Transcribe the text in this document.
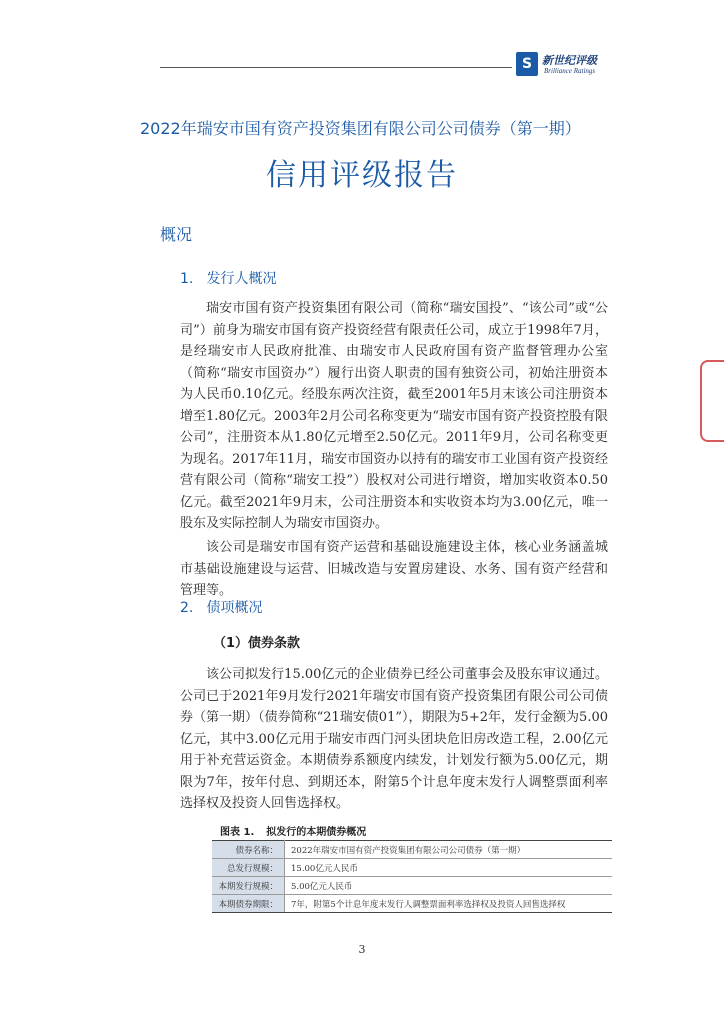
S 新世纪评级
Brilliance Ratings
2022年瑞安市国有资产投资集团有限公司公司债券（第一期）
信用评级报告
概况
1. 发行人概况
瑞安市国有资产投资集团有限公司（简称“瑞安国投”、“该公司”或“公司”）前身为瑞安市国有资产投资经营有限责任公司，成立于1998年7月，是经瑞安市人民政府批准、由瑞安市人民政府国有资产监督管理办公室（简称“瑞安市国资办”）履行出资人职责的国有独资公司，初始注册资本为人民币0.10亿元。经股东两次注资，截至2001年5月末该公司注册资本增至1.80亿元。2003年2月公司名称变更为“瑞安市国有资产投资控股有限公司”，注册资本从1.80亿元增至2.50亿元。2011年9月，公司名称变更为现名。2017年11月，瑞安市国资办以持有的瑞安市工业国有资产投资经营有限公司（简称“瑞安工投”）股权对公司进行增资，增加实收资本0.50亿元。截至2021年9月末，公司注册资本和实收资本均为3.00亿元，唯一股东及实际控制人为瑞安市国资办。
该公司是瑞安市国有资产运营和基础设施建设主体，核心业务涵盖城市基础设施建设与运营、旧城改造与安置房建设、水务、国有资产经营和管理等。
2. 债项概况
（1）债券条款
该公司拟发行15.00亿元的企业债券已经公司董事会及股东审议通过。公司已于2021年9月发行2021年瑞安市国有资产投资集团有限公司公司债券（第一期）（债券简称“21瑞安债01”），期限为5+2年，发行金额为5.00亿元，其中3.00亿元用于瑞安市西门河头团块危旧房改造工程，2.00亿元用于补充营运资金。本期债券系额度内续发，计划发行额为5.00亿元，期限为7年，按年付息、到期还本，附第5个计息年度末发行人调整票面利率选择权及投资人回售选择权。
图表 1. 拟发行的本期债券概况
债券名称：	2022年瑞安市国有资产投资集团有限公司公司债券（第一期）
总发行规模：	15.00亿元人民币
本期发行规模：	5.00亿元人民币
本期债券期限：	7年，附第5个计息年度末发行人调整票面利率选择权及投资人回售选择权
3
